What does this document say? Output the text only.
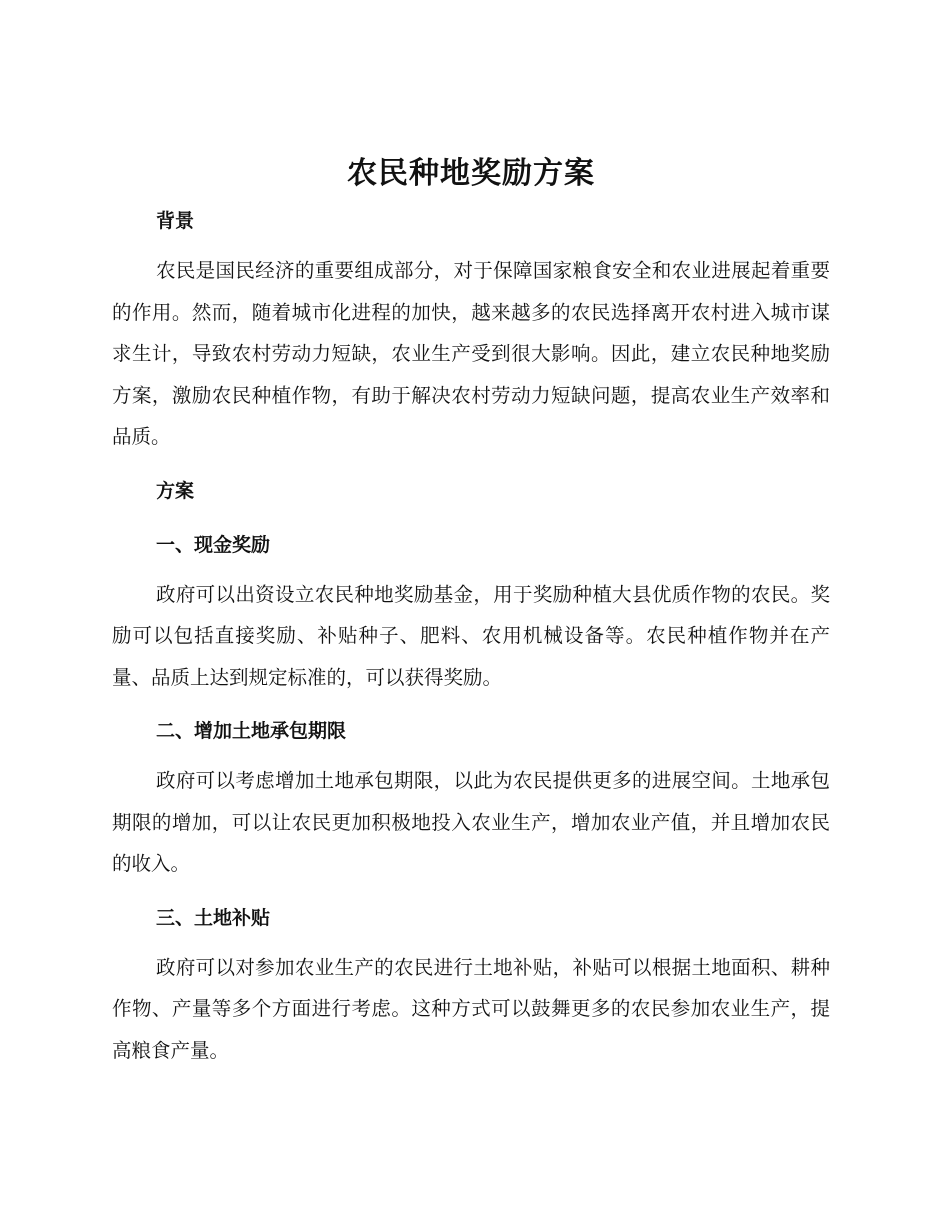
农民种地奖励方案
背景

农民是国民经济的重要组成部分，对于保障国家粮食安全和农业进展起着重要的作用。然而，随着城市化进程的加快，越来越多的农民选择离开农村进入城市谋求生计，导致农村劳动力短缺，农业生产受到很大影响。因此，建立农民种地奖励方案，激励农民种植作物，有助于解决农村劳动力短缺问题，提高农业生产效率和品质。

方案
一、现金奖励

政府可以出资设立农民种地奖励基金，用于奖励种植大县优质作物的农民。奖励可以包括直接奖励、补贴种子、肥料、农用机械设备等。农民种植作物并在产量、品质上达到规定标准的，可以获得奖励。

二、增加土地承包期限

政府可以考虑增加土地承包期限，以此为农民提供更多的进展空间。土地承包期限的增加，可以让农民更加积极地投入农业生产，增加农业产值，并且增加农民的收入。

三、土地补贴

政府可以对参加农业生产的农民进行土地补贴，补贴可以根据土地面积、耕种作物、产量等多个方面进行考虑。这种方式可以鼓舞更多的农民参加农业生产，提高粮食产量。
